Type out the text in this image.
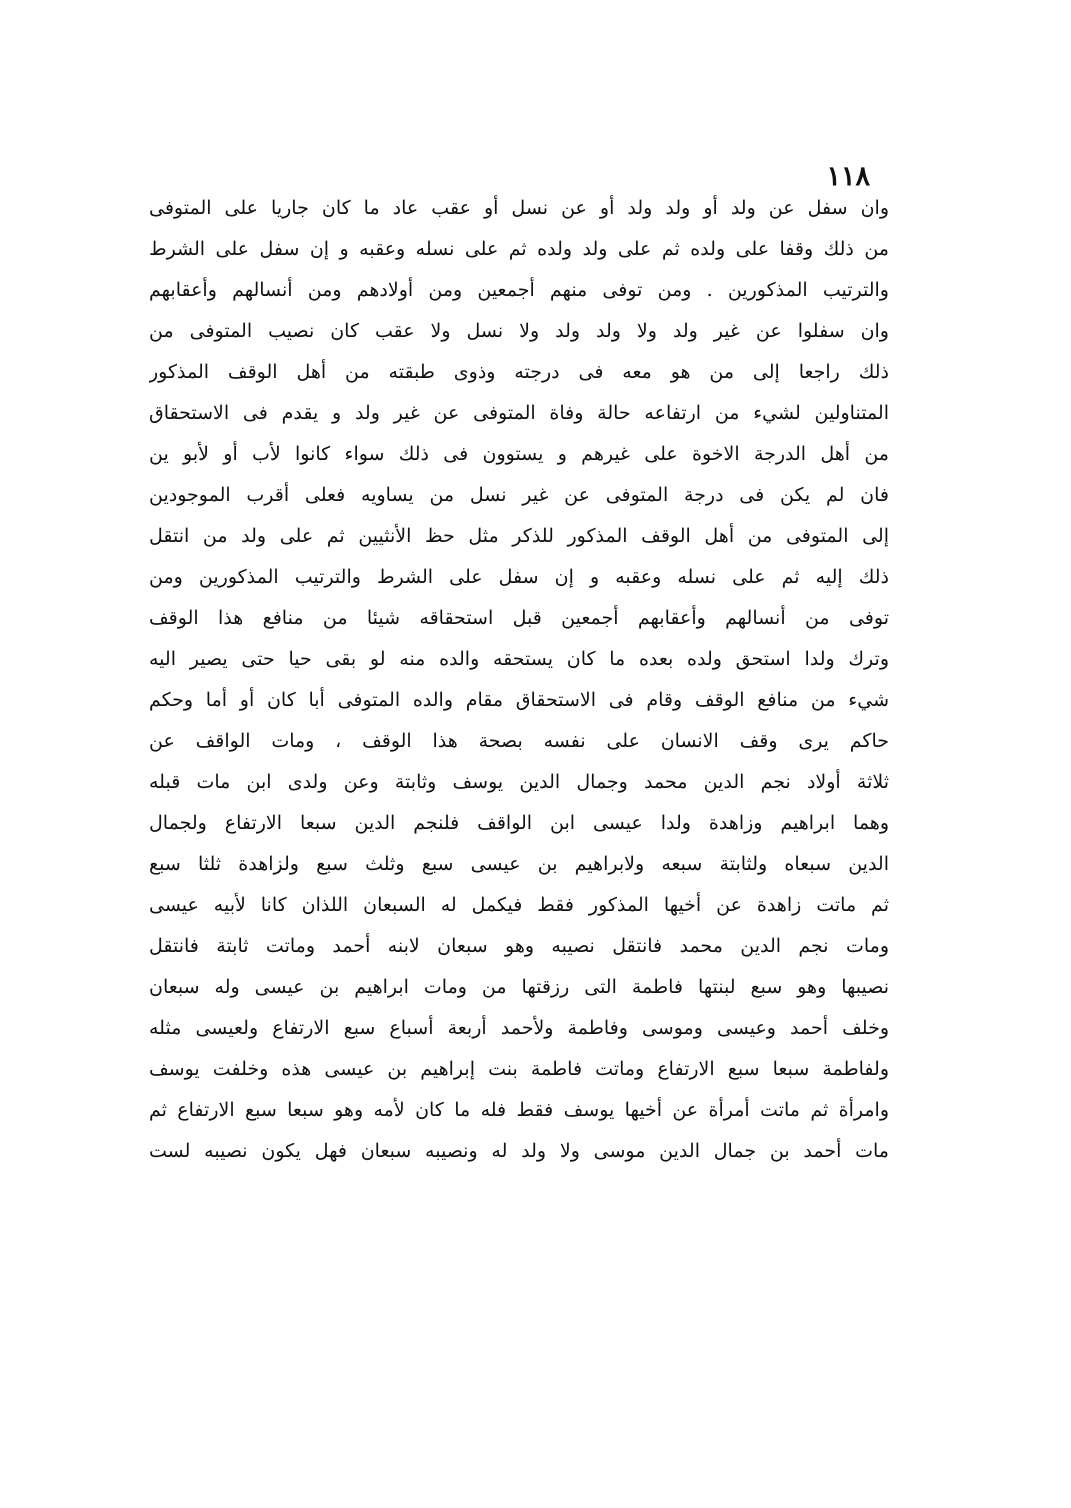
١١٨
وان سفل عن ولد أو ولد ولد أو عن نسل أو عقب عاد ما كان جاريا على المتوفى
من ذلك وقفا على ولده ثم على ولد ولده ثم على نسله وعقبه و إن سفل على الشرط
والترتيب المذكورين . ومن توفى منهم أجمعين ومن أولادهم ومن أنسالهم وأعقابهم
وان سفلوا عن غير ولد ولا ولد ولد ولا نسل ولا عقب كان نصيب المتوفى من
ذلك راجعا إلى من هو معه فى درجته وذوى طبقته من أهل الوقف المذكور
المتناولين لشيء من ارتفاعه حالة وفاة المتوفى عن غير ولد و يقدم فى الاستحقاق
من أهل الدرجة الاخوة على غيرهم و يستوون فى ذلك سواء كانوا لأب أو لأبو ين
فان لم يكن فى درجة المتوفى عن غير نسل من يساويه فعلى أقرب الموجودين
إلى المتوفى من أهل الوقف المذكور للذكر مثل حظ الأنثيين ثم على ولد من انتقل
ذلك إليه ثم على نسله وعقبه و إن سفل على الشرط والترتيب المذكورين ومن
توفى من أنسالهم وأعقابهم أجمعين قبل استحقاقه شيئا من منافع هذا الوقف
وترك ولدا استحق ولده بعده ما كان يستحقه والده منه لو بقى حيا حتى يصير اليه
شيء من منافع الوقف وقام فى الاستحقاق مقام والده المتوفى أبا كان أو أما وحكم
حاكم يرى وقف الانسان على نفسه بصحة هذا الوقف ، ومات الواقف عن
ثلاثة أولاد نجم الدين محمد وجمال الدين يوسف وثابتة وعن ولدى ابن مات قبله
وهما ابراهيم وزاهدة ولدا عيسى ابن الواقف فلنجم الدين سبعا الارتفاع ولجمال
الدين سبعاه ولثابتة سبعه ولابراهيم بن عيسى سبع وثلث سبع ولزاهدة ثلثا سبع
ثم ماتت زاهدة عن أخيها المذكور فقط فيكمل له السبعان اللذان كانا لأبيه عيسى
ومات نجم الدين محمد فانتقل نصيبه وهو سبعان لابنه أحمد وماتت ثابتة فانتقل
نصيبها وهو سبع لبنتها فاطمة التى رزقتها من ومات ابراهيم بن عيسى وله سبعان
وخلف أحمد وعيسى وموسى وفاطمة ولأحمد أربعة أسباع سبع الارتفاع ولعيسى مثله
ولفاطمة سبعا سبع الارتفاع وماتت فاطمة بنت إبراهيم بن عيسى هذه وخلفت يوسف
وامرأة ثم ماتت أمرأة عن أخيها يوسف فقط فله ما كان لأمه وهو سبعا سبع الارتفاع ثم
مات أحمد بن جمال الدين موسى ولا ولد له ونصيبه سبعان فهل يكون نصيبه لست
